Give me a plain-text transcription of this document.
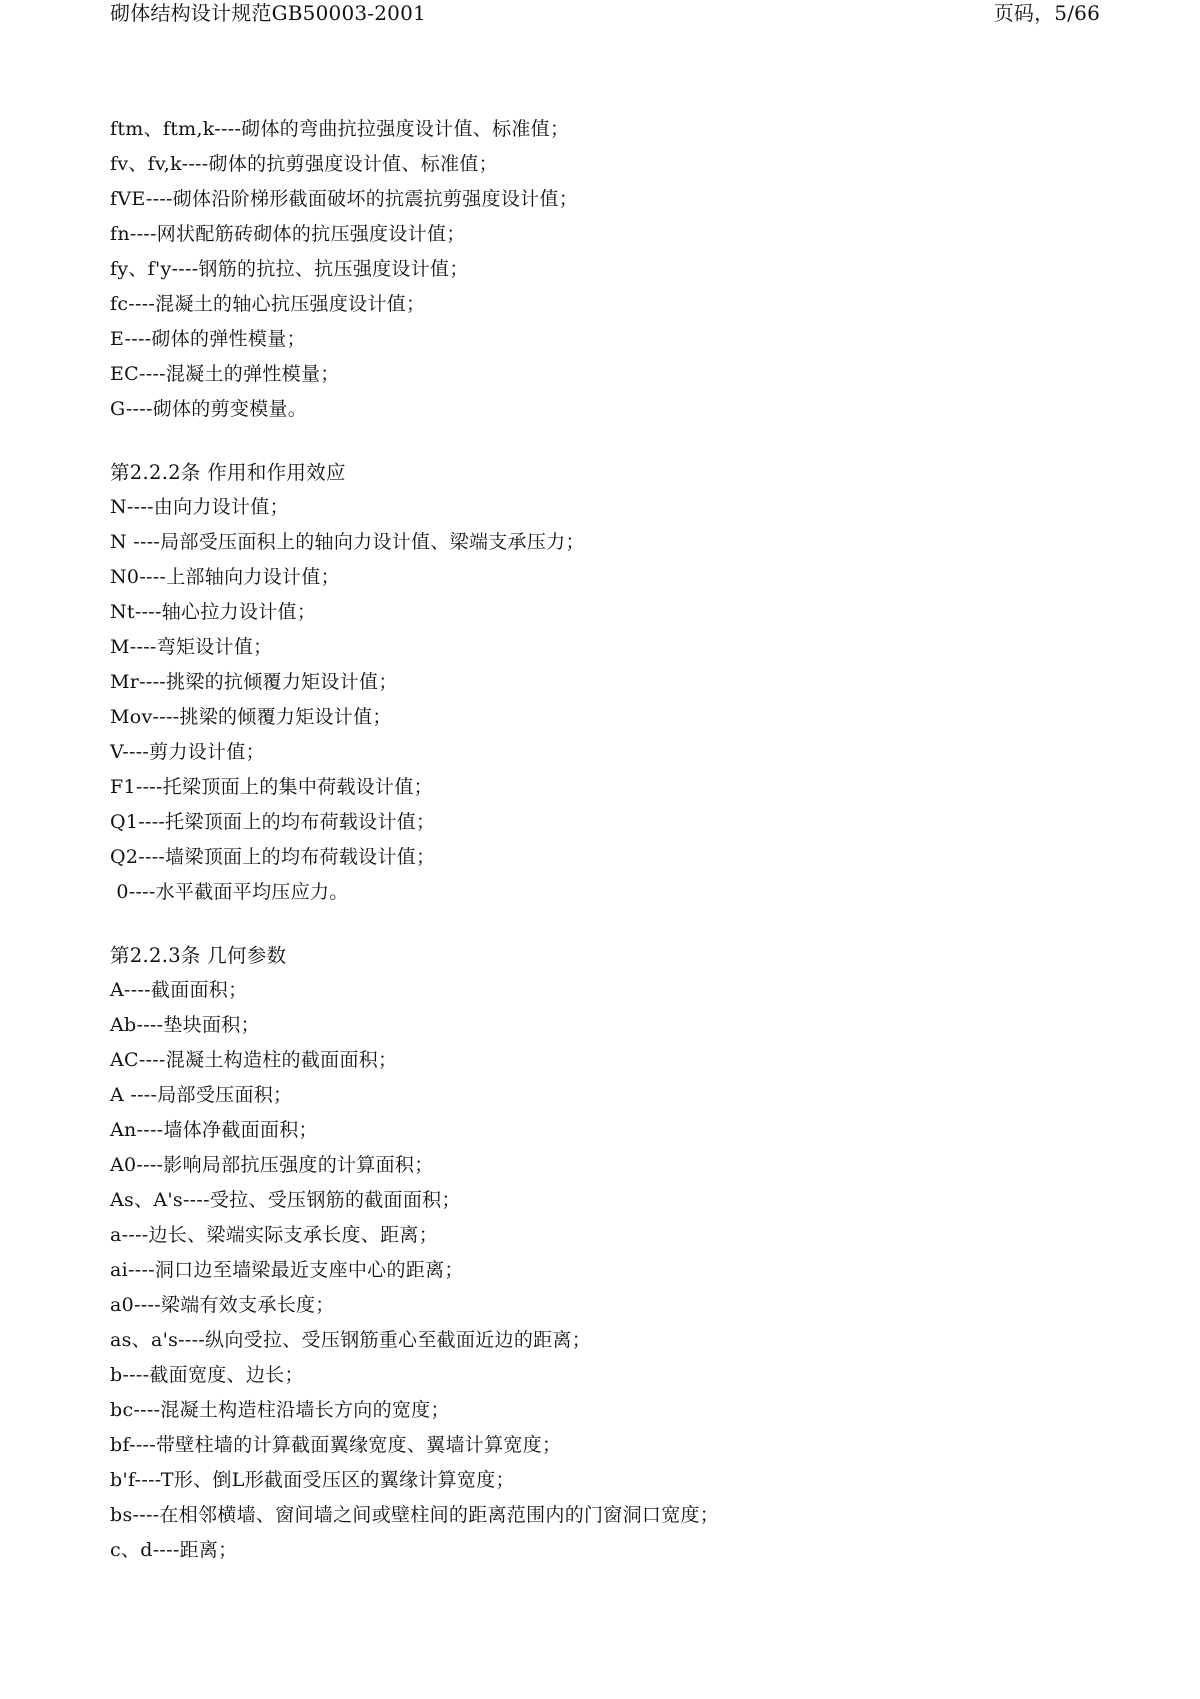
砌体结构设计规范GB50003-2001	页码，5/66
ftm、ftm,k----砌体的弯曲抗拉强度设计值、标准值；
fv、fv,k----砌体的抗剪强度设计值、标准值；
fVE----砌体沿阶梯形截面破坏的抗震抗剪强度设计值；
fn----网状配筋砖砌体的抗压强度设计值；
fy、f'y----钢筋的抗拉、抗压强度设计值；
fc----混凝土的轴心抗压强度设计值；
E----砌体的弹性模量；
EC----混凝土的弹性模量；
G----砌体的剪变模量。
第2.2.2条 作用和作用效应
N----由向力设计值；
N ----局部受压面积上的轴向力设计值、梁端支承压力；
N0----上部轴向力设计值；
Nt----轴心拉力设计值；
M----弯矩设计值；
Mr----挑梁的抗倾覆力矩设计值；
Mov----挑梁的倾覆力矩设计值；
V----剪力设计值；
F1----托梁顶面上的集中荷载设计值；
Q1----托梁顶面上的均布荷载设计值；
Q2----墙梁顶面上的均布荷载设计值；
0----水平截面平均压应力。
第2.2.3条 几何参数
A----截面面积；
Ab----垫块面积；
AC----混凝土构造柱的截面面积；
A ----局部受压面积；
An----墙体净截面面积；
A0----影响局部抗压强度的计算面积；
As、A's----受拉、受压钢筋的截面面积；
a----边长、梁端实际支承长度、距离；
ai----洞口边至墙梁最近支座中心的距离；
a0----梁端有效支承长度；
as、a's----纵向受拉、受压钢筋重心至截面近边的距离；
b----截面宽度、边长；
bc----混凝土构造柱沿墙长方向的宽度；
bf----带壁柱墙的计算截面翼缘宽度、翼墙计算宽度；
b'f----T形、倒L形截面受压区的翼缘计算宽度；
bs----在相邻横墙、窗间墙之间或壁柱间的距离范围内的门窗洞口宽度；
c、d----距离；
